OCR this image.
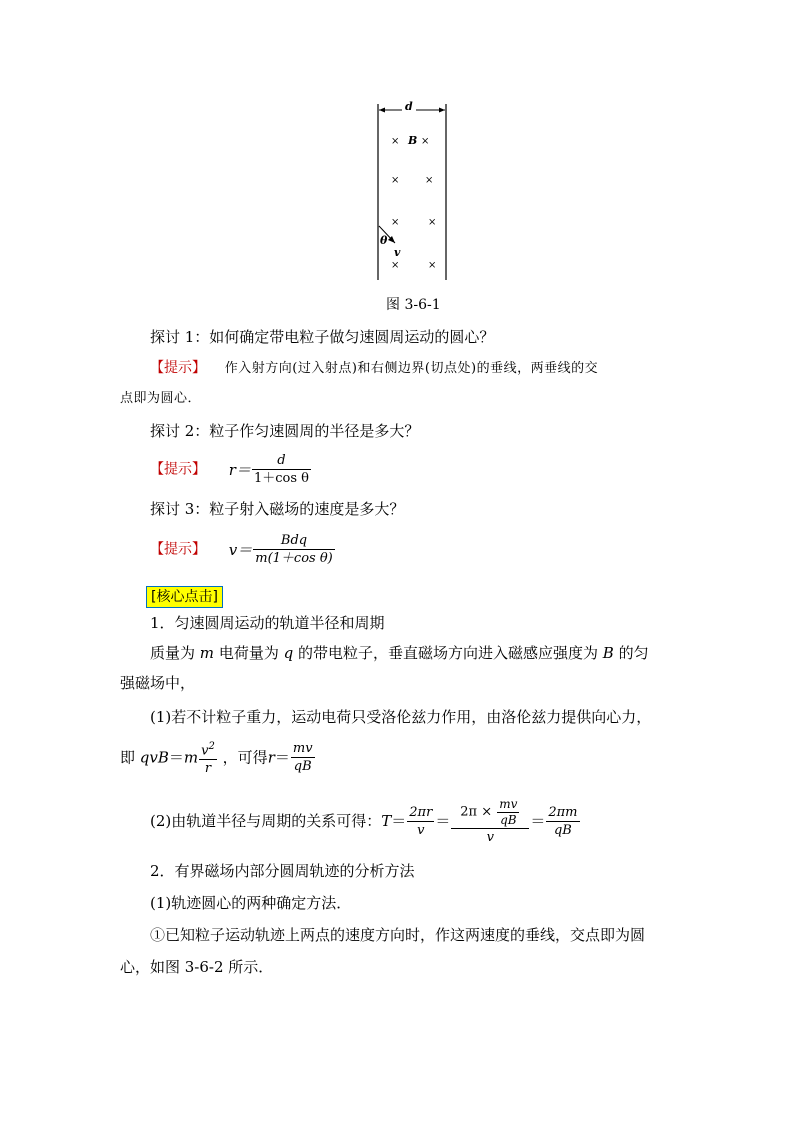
d
B
θ
v
× ×
×	×
×	×
×	×
图 3-6-1
探讨 1：如何确定带电粒子做匀速圆周运动的圆心？
【提示】 作入射方向(过入射点)和右侧边界(切点处)的垂线，两垂线的交
点即为圆心．
探讨 2：粒子作匀速圆周的半径是多大？
【提示】 $r= \frac{d}{\text{1＋cos θ}}$
探讨 3：粒子射入磁场的速度是多大？
【提示】 $v= \frac{\text{Bdq}}{\text{m(1＋cos θ)}}$
[核心点击]
1．匀速圆周运动的轨道半径和周期
质量为 m 电荷量为 q 的带电粒子，垂直磁场方向进入磁感应强度为 B 的匀
强磁场中，
(1)若不计粒子重力，运动电荷只受洛伦兹力作用，由洛伦兹力提供向心力，
即 $qvB=m \frac{v^2}{r}$ ，可得$r= \frac{mv}{qB}$
(2)由轨道半径与周期的关系可得：$T= \frac{2\pi r}{v} = \frac{2\pi \times \frac{mv}{qB}}{v} = \frac{2\pi m}{qB}$
2．有界磁场内部分圆周轨迹的分析方法
(1)轨迹圆心的两种确定方法．
①已知粒子运动轨迹上两点的速度方向时，作这两速度的垂线，交点即为圆
心，如图 3-6-2 所示．
